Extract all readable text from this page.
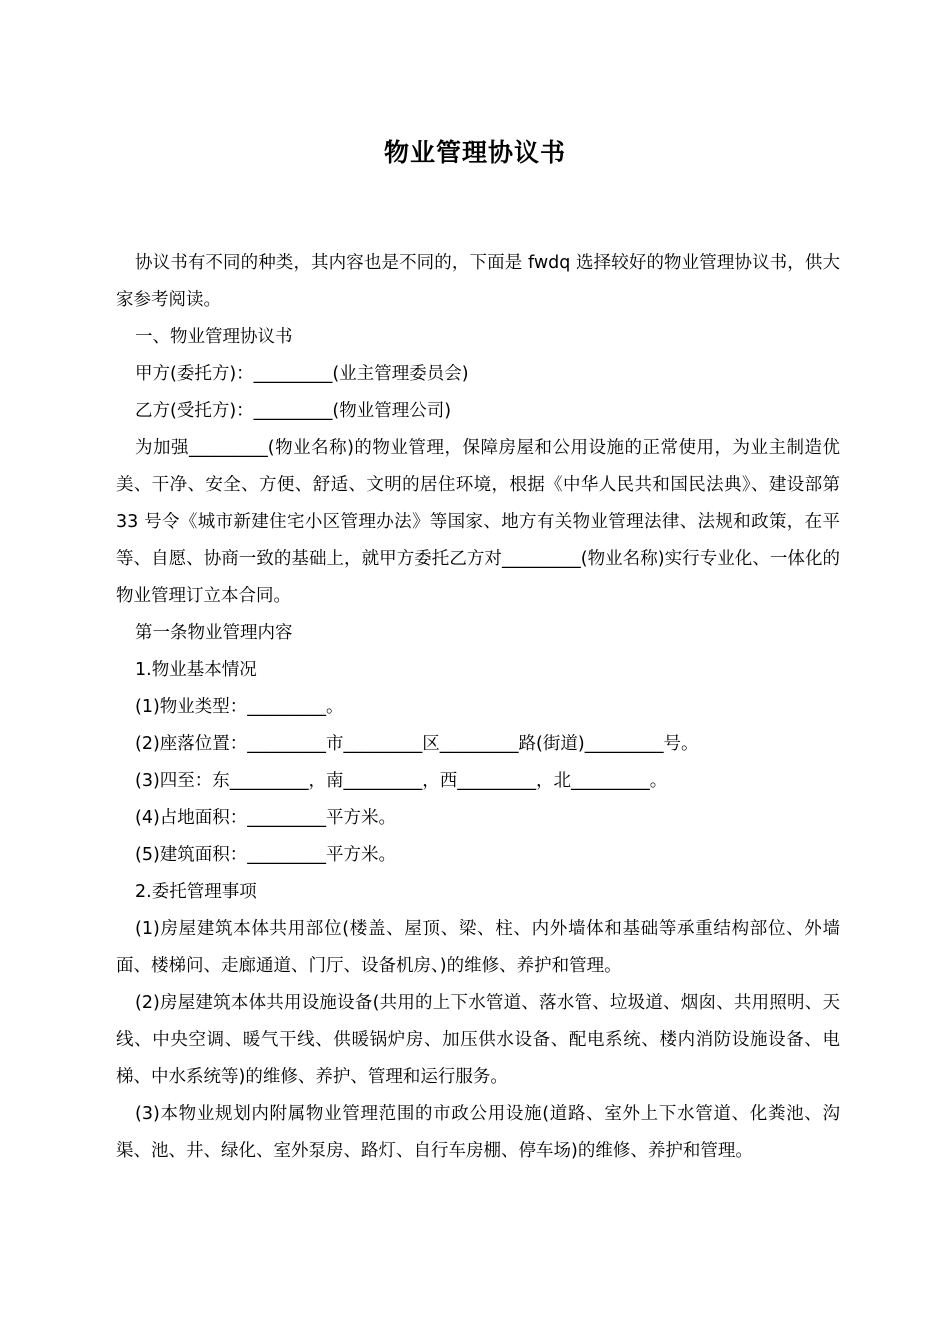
物业管理协议书

协议书有不同的种类，其内容也是不同的，下面是 fwdq 选择较好的物业管理协议书，供大家参考阅读。

一、物业管理协议书

甲方(委托方)：_________(业主管理委员会)

乙方(受托方)：_________(物业管理公司)

为加强_________(物业名称)的物业管理，保障房屋和公用设施的正常使用，为业主制造优美、干净、安全、方便、舒适、文明的居住环境，根据《中华人民共和国民法典》、建设部第 33 号令《城市新建住宅小区管理办法》等国家、地方有关物业管理法律、法规和政策，在平等、自愿、协商一致的基础上，就甲方委托乙方对_________(物业名称)实行专业化、一体化的物业管理订立本合同。

第一条物业管理内容

1.物业基本情况

(1)物业类型：_________。

(2)座落位置：_________市_________区_________路(街道)_________号。

(3)四至：东_________，南_________，西_________，北_________。

(4)占地面积：_________平方米。

(5)建筑面积：_________平方米。

2.委托管理事项

(1)房屋建筑本体共用部位(楼盖、屋顶、梁、柱、内外墙体和基础等承重结构部位、外墙面、楼梯问、走廊通道、门厅、设备机房、)的维修、养护和管理。

(2)房屋建筑本体共用设施设备(共用的上下水管道、落水管、垃圾道、烟囱、共用照明、天线、中央空调、暖气干线、供暖锅炉房、加压供水设备、配电系统、楼内消防设施设备、电梯、中水系统等)的维修、养护、管理和运行服务。

(3)本物业规划内附属物业管理范围的市政公用设施(道路、室外上下水管道、化粪池、沟渠、池、井、绿化、室外泵房、路灯、自行车房棚、停车场)的维修、养护和管理。
